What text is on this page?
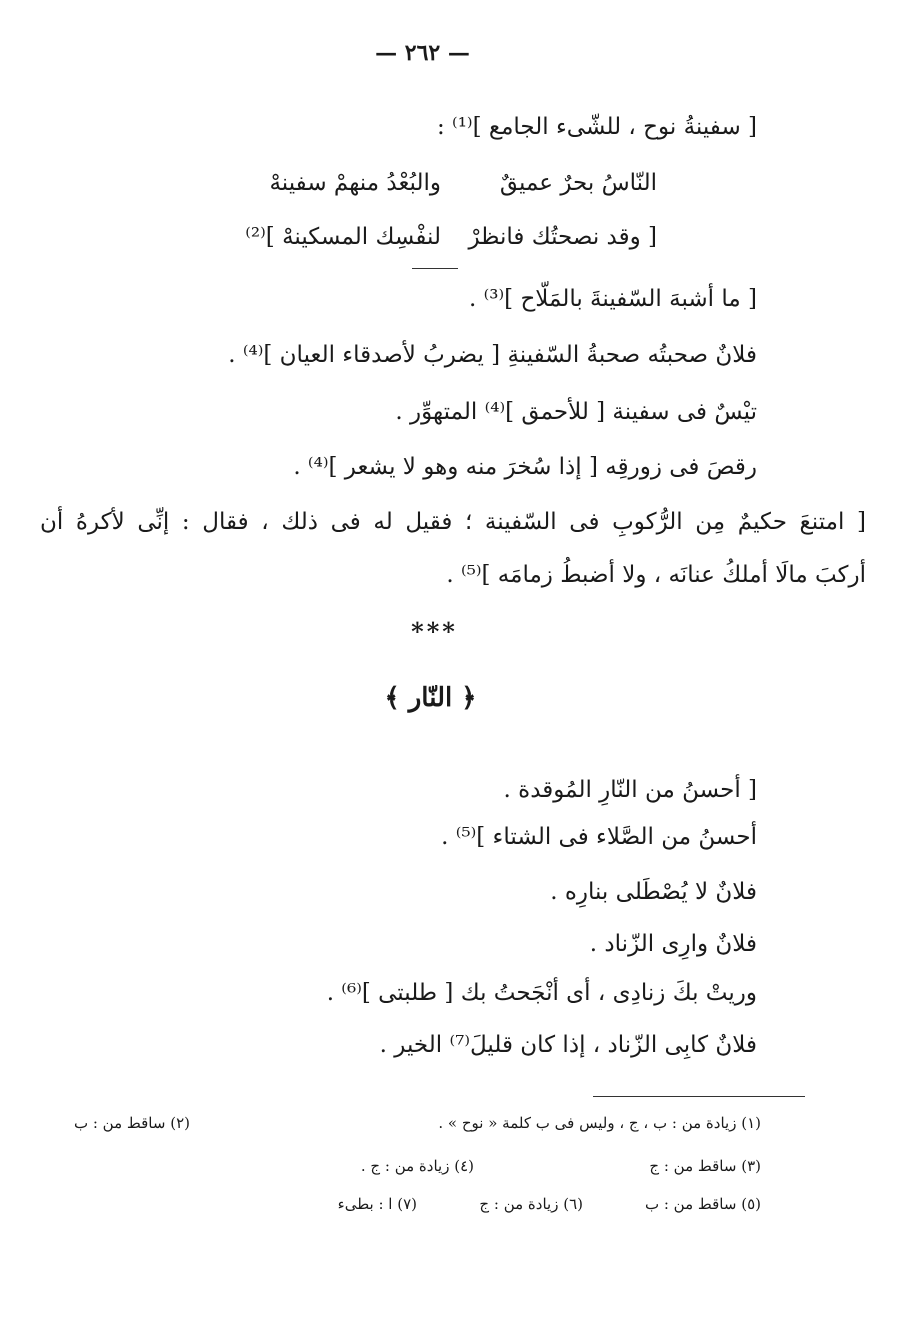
— ٢٦٢ —
[ سفينةُ نوح ، للشّىء الجامع ]⁽¹⁾ :
النّاسُ بحرٌ عميقٌ
والبُعْدُ منهمْ سفينهْ
[ وقد نصحتُك فانظرْ
لنفْسِك المسكينهْ ]⁽²⁾
[ ما أشبهَ السّفينةَ بالمَلّاح ]⁽³⁾ .
فلانٌ صحبتُه صحبةُ السّفينةِ [ يضربُ لأصدقاء العيان ]⁽⁴⁾ .
تيْسٌ فى سفينة [ للأحمق ]⁽⁴⁾ المتهوِّر .
رقصَ فى زورقِه [ إذا سُخرَ منه وهو لا يشعر ]⁽⁴⁾ .
[ امتنعَ حكيمٌ مِن الرُّكوبِ فى السّفينة ؛ فقيل له فى ذلك ، فقال : إنِّى لأكرهُ أن
أركبَ مالَا أملكُ عنانَه ، ولا أضبطُ زمامَه ]⁽⁵⁾ .
***
﴿ النّار ﴾
[ أحسنُ من النّارِ المُوقدة .
أحسنُ من الصَّلاء فى الشتاء ]⁽⁵⁾ .
فلانٌ لا يُصْطَلى بنارِه .
فلانٌ وارِى الزّناد .
وريتْ بكَ زنادِى ، أى أنْجَحتُ بك [ طلبتى ]⁽⁶⁾ .
فلانٌ كابِى الزّناد ، إذا كان قليلَ⁽⁷⁾ الخير .
(١) زيادة من : ب ، ج ، وليس فى ب كلمة « نوح » .
(٢) ساقط من : ب
(٣) ساقط من : ج
(٤) زيادة من : ج .
(٥) ساقط من : ب
(٦) زيادة من : ج
(٧) ا : بطىء
